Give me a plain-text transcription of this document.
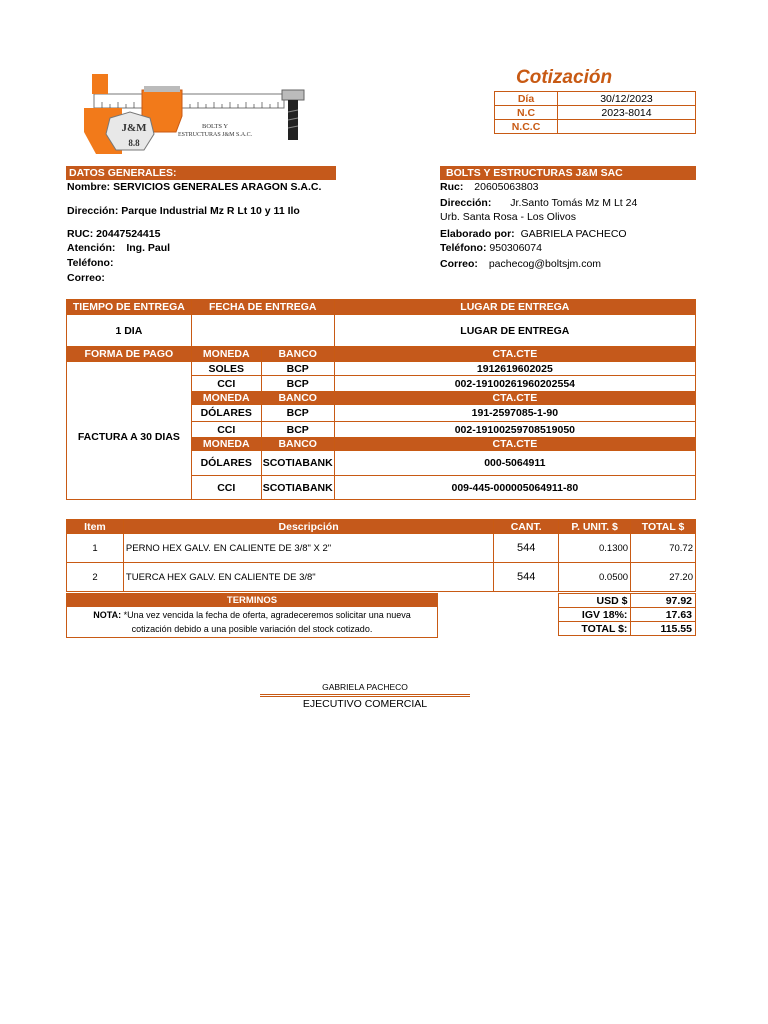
J&M
8.8
BOLTS Y
ESTRUCTURAS J&M S.A.C.
Cotización
Día	30/12/2023
N.C	2023-8014
N.C.C	
DATOS GENERALES:
Nombre: SERVICIOS GENERALES ARAGON S.A.C.
Dirección: Parque Industrial Mz R Lt 10 y 11 Ilo
RUC: 20447524415
Atención: Ing. Paul
Teléfono:
Correo:
BOLTS Y ESTRUCTURAS J&M SAC
Ruc: 20605063803
Dirección: Jr.Santo Tomás Mz M Lt 24
Urb. Santa Rosa - Los Olivos
Elaborado por: GABRIELA PACHECO
Teléfono: 950306074
Correo: pachecog@boltsjm.com
TIEMPO DE ENTREGA	FECHA DE ENTREGA		LUGAR DE ENTREGA
1 DIA			LUGAR DE ENTREGA
FORMA DE PAGO	MONEDA	BANCO	CTA.CTE
	SOLES	BCP	1912619602025
FACTURA A 30 DIAS	CCI	BCP	002-19100261960202554
	MONEDA	BANCO	CTA.CTE
	DÓLARES	BCP	191-2597085-1-90
	CCI	BCP	002-19100259708519050
	MONEDA	BANCO	CTA.CTE
	DÓLARES	SCOTIABANK	000-5064911
	CCI	SCOTIABANK	009-445-000005064911-80
Item	Descripción	CANT.	P. UNIT. $	TOTAL $
1	PERNO HEX GALV. EN CALIENTE DE 3/8" X 2"	544	0.1300	70.72
2	TUERCA HEX GALV. EN CALIENTE DE 3/8"	544	0.0500	27.20
TERMINOS
NOTA: *Una vez vencida la fecha de oferta, agradeceremos solicitar una nueva
cotización debido a una posible variación del stock cotizado.
USD $	97.92
IGV 18%:	17.63
TOTAL $:	115.55
GABRIELA PACHECO
EJECUTIVO COMERCIAL
